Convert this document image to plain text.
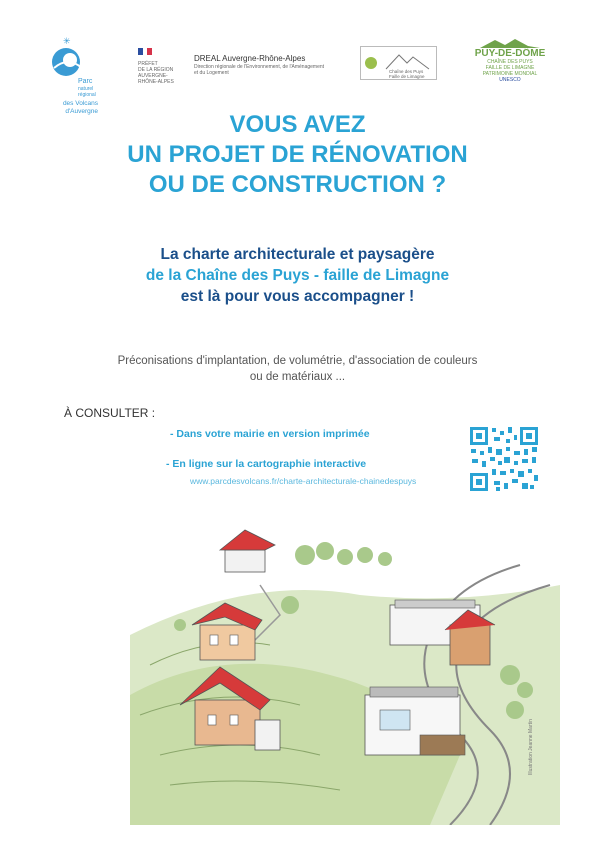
✳
Parc
naturel
régional
des Volcans
d'Auvergne
PRÉFET
DE LA RÉGION
AUVERGNE-
RHÔNE-ALPES
DREAL Auvergne-Rhône-Alpes
Direction régionale de l'Environnement, de l'Aménagement
et du Logement	Chaîne des Puys
Faille de Limagne
PUY-DE-DÔME
CHAÎNE DES PUYS
FAILLE DE LIMAGNE
PATRIMOINE MONDIAL
UNESCO
VOUS AVEZ
UN PROJET DE RÉNOVATION
OU DE CONSTRUCTION ?
La charte architecturale et paysagère
de la Chaîne des Puys - faille de Limagne
est là pour vous accompagner !
Préconisations d'implantation, de volumétrie, d'association de couleurs
ou de matériaux ...
À CONSULTER :
- Dans votre mairie en version imprimée
- En ligne sur la cartographie interactive
www.parcdesvolcans.fr/charte-architecturale-chainedespuys
Illustration Jeanne Martin
